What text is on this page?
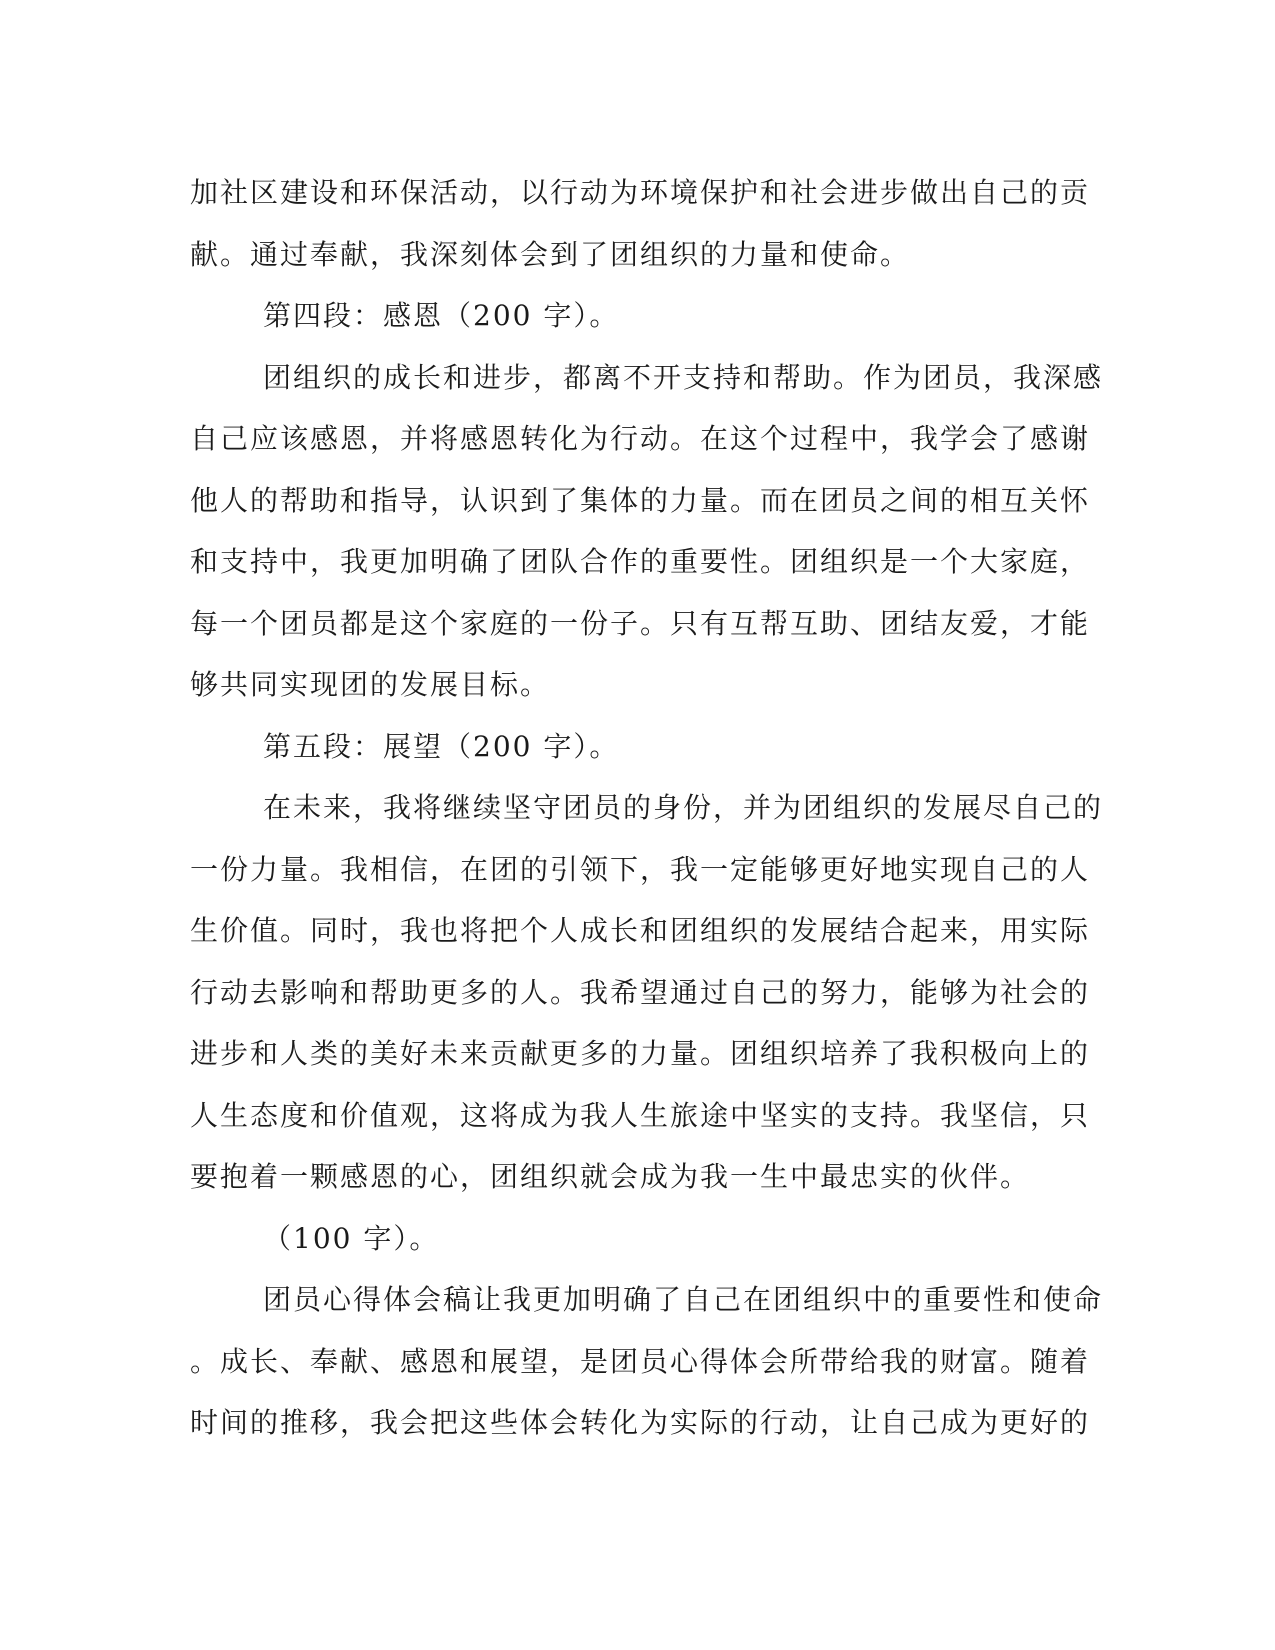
加社区建设和环保活动，以行动为环境保护和社会进步做出自己的贡
献。通过奉献，我深刻体会到了团组织的力量和使命。
第四段：感恩（200 字）。
团组织的成长和进步，都离不开支持和帮助。作为团员，我深感
自己应该感恩，并将感恩转化为行动。在这个过程中，我学会了感谢
他人的帮助和指导，认识到了集体的力量。而在团员之间的相互关怀
和支持中，我更加明确了团队合作的重要性。团组织是一个大家庭，
每一个团员都是这个家庭的一份子。只有互帮互助、团结友爱，才能
够共同实现团的发展目标。
第五段：展望（200 字）。
在未来，我将继续坚守团员的身份，并为团组织的发展尽自己的
一份力量。我相信，在团的引领下，我一定能够更好地实现自己的人
生价值。同时，我也将把个人成长和团组织的发展结合起来，用实际
行动去影响和帮助更多的人。我希望通过自己的努力，能够为社会的
进步和人类的美好未来贡献更多的力量。团组织培养了我积极向上的
人生态度和价值观，这将成为我人生旅途中坚实的支持。我坚信，只
要抱着一颗感恩的心，团组织就会成为我一生中最忠实的伙伴。
（100 字）。
团员心得体会稿让我更加明确了自己在团组织中的重要性和使命
。成长、奉献、感恩和展望，是团员心得体会所带给我的财富。随着
时间的推移，我会把这些体会转化为实际的行动，让自己成为更好的
